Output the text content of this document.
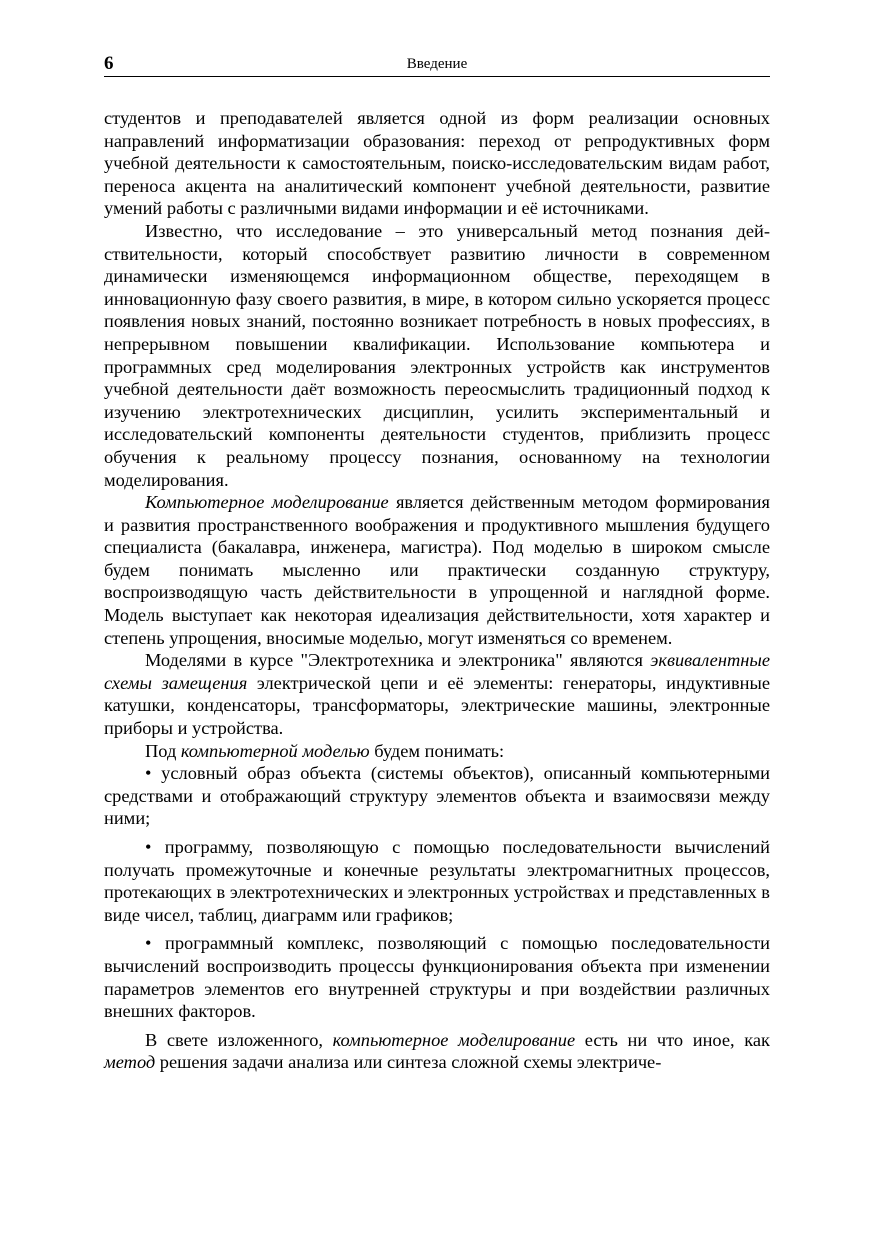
6	Введение

студентов и преподавателей является одной из форм реализации основных направлений информатизации образования: переход от репродуктивных форм учебной деятельности к самостоятельным, поиско-исследовательским видам работ, переноса акцента на аналитический компонент учебной деятельности, развитие умений работы с различными видами информации и её источниками.

Известно, что исследование – это универсальный метод познания действительности, который способствует развитию личности в современном динамически изменяющемся информационном обществе, переходящем в инновационную фазу своего развития, в мире, в котором сильно ускоряется процесс появления новых знаний, постоянно возникает потребность в новых профессиях, в непрерывном повышении квалификации. Использование компьютера и программных сред моделирования электронных устройств как инструментов учебной деятельности даёт возможность переосмыслить традиционный подход к изучению электротехнических дисциплин, усилить экспериментальный и исследовательский компоненты деятельности студентов, приблизить процесс обучения к реальному процессу познания, основанному на технологии моделирования.

Компьютерное моделирование является действенным методом формирования и развития пространственного воображения и продуктивного мышления будущего специалиста (бакалавра, инженера, магистра). Под моделью в широком смысле будем понимать мысленно или практически созданную структуру, воспроизводящую часть действительности в упрощенной и наглядной форме. Модель выступает как некоторая идеализация действительности, хотя характер и степень упрощения, вносимые моделью, могут изменяться со временем.

Моделями в курсе "Электротехника и электроника" являются эквивалентные схемы замещения электрической цепи и её элементы: генераторы, индуктивные катушки, конденсаторы, трансформаторы, электрические машины, электронные приборы и устройства.

Под компьютерной моделью будем понимать:

• условный образ объекта (системы объектов), описанный компьютерными средствами и отображающий структуру элементов объекта и взаимосвязи между ними;

• программу, позволяющую с помощью последовательности вычислений получать промежуточные и конечные результаты электромагнитных процессов, протекающих в электротехнических и электронных устройствах и представленных в виде чисел, таблиц, диаграмм или графиков;

• программный комплекс, позволяющий с помощью последовательности вычислений воспроизводить процессы функционирования объекта при изменении параметров элементов его внутренней структуры и при воздействии различных внешних факторов.

В свете изложенного, компьютерное моделирование есть ни что иное, как метод решения задачи анализа или синтеза сложной схемы электриче-
